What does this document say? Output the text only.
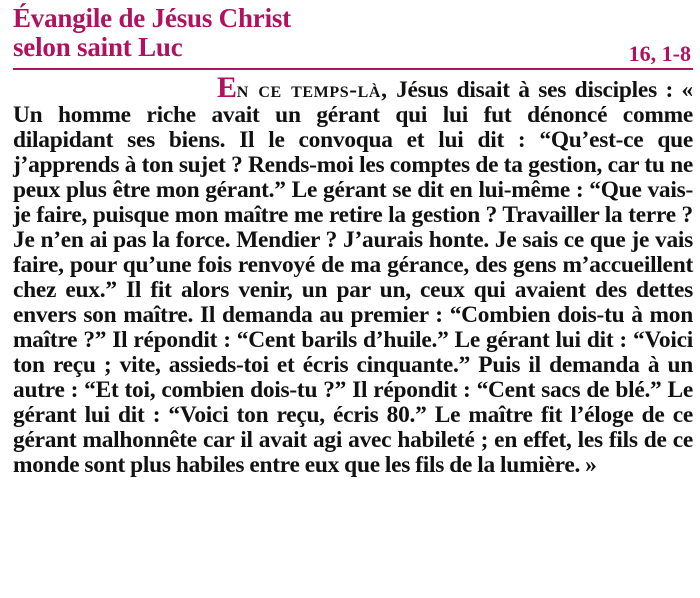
Évangile de Jésus Christ
selon saint Luc	16, 1-8
En ce temps-là, Jésus disait à ses disciples : « Un homme riche avait un gérant qui lui fut dénoncé comme dilapidant ses biens. Il le convoqua et lui dit : “Qu’est-ce que j’apprends à ton sujet ? Rends-moi les comptes de ta gestion, car tu ne peux plus être mon gérant.” Le gérant se dit en lui-même : “Que vais-je faire, puisque mon maître me retire la gestion ? Travailler la terre ? Je n’en ai pas la force. Mendier ? J’aurais honte. Je sais ce que je vais faire, pour qu’une fois renvoyé de ma gérance, des gens m’accueillent chez eux.” Il fit alors venir, un par un, ceux qui avaient des dettes envers son maître. Il demanda au premier : “Combien dois-tu à mon maître ?” Il répondit : “Cent barils d’huile.” Le gérant lui dit : “Voici ton reçu ; vite, assieds-toi et écris cinquante.” Puis il demanda à un autre : “Et toi, combien dois-tu ?” Il répondit : “Cent sacs de blé.” Le gérant lui dit : “Voici ton reçu, écris 80.” Le maître fit l’éloge de ce gérant malhonnête car il avait agi avec habileté ; en effet, les fils de ce monde sont plus habiles entre eux que les fils de la lumière. »
